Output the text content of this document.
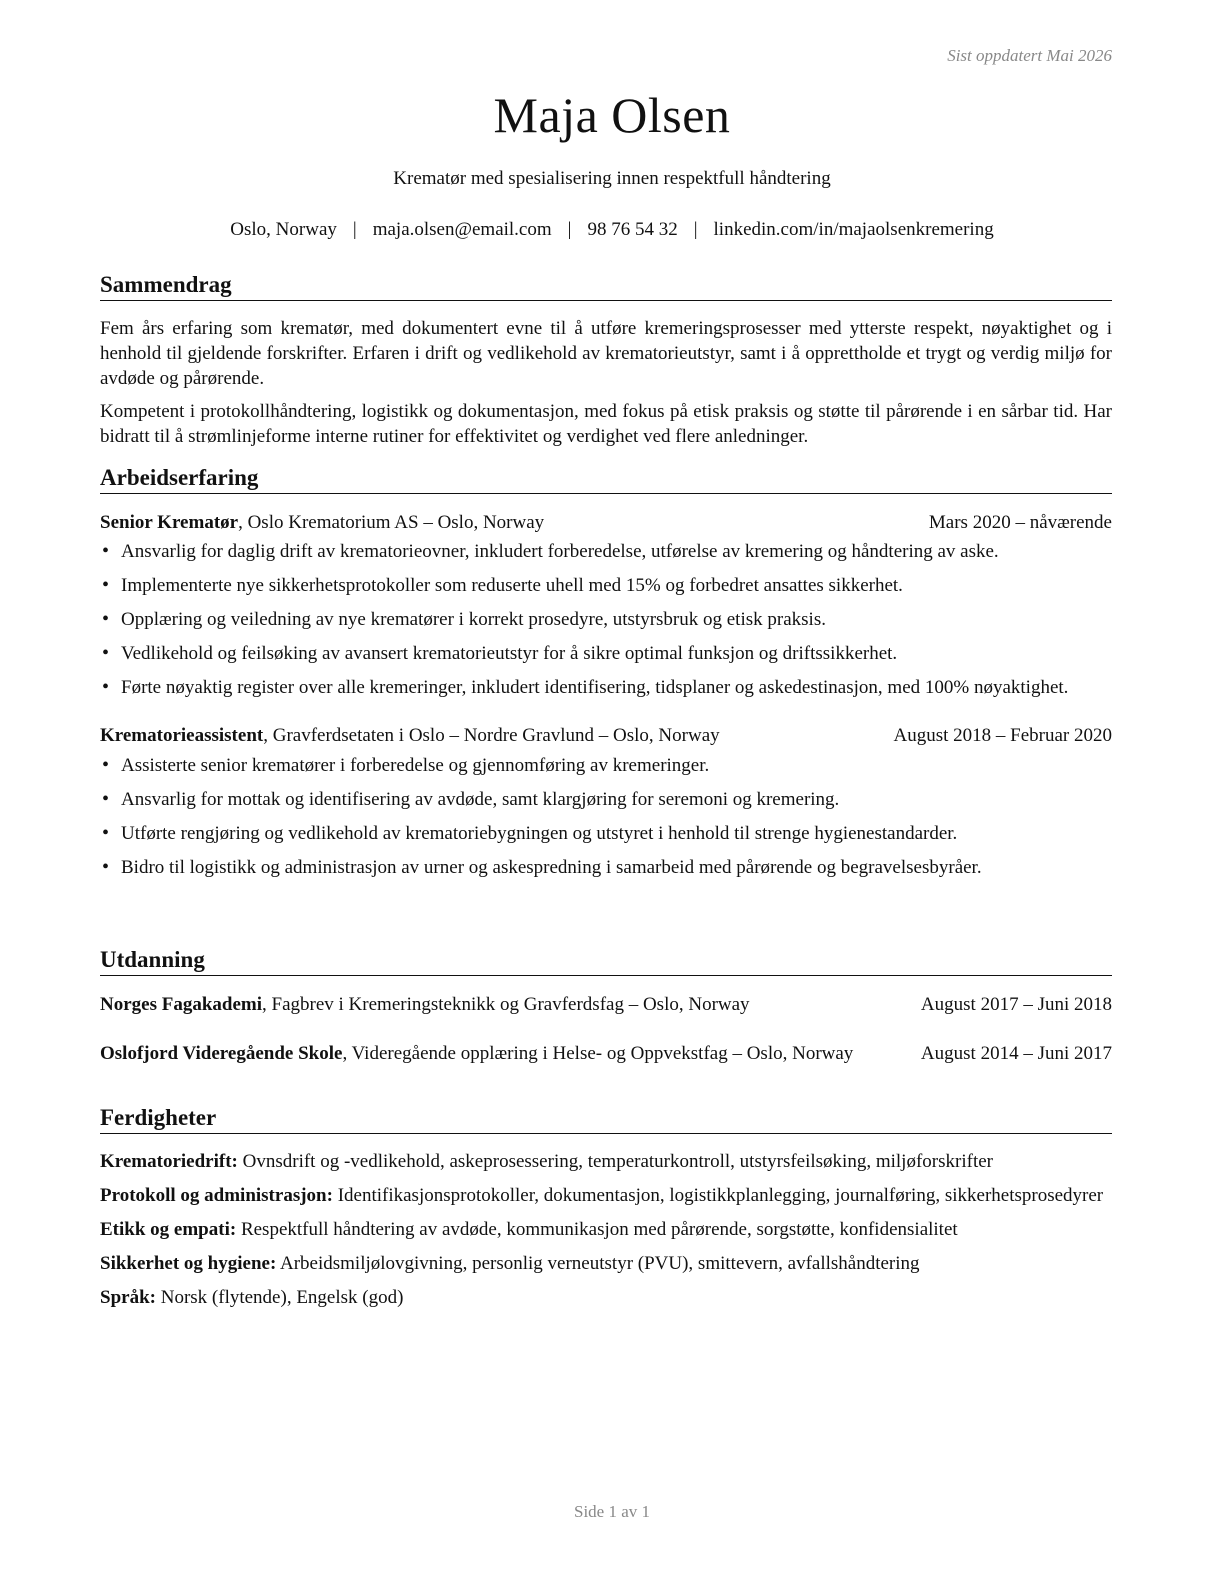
Sist oppdatert Mai 2026
Maja Olsen
Krematør med spesialisering innen respektfull håndtering
Oslo, Norway | maja.olsen@email.com | 98 76 54 32 | linkedin.com/in/majaolsenkremering
Sammendrag

Fem års erfaring som krematør, med dokumentert evne til å utføre kremeringsprosesser med ytterste respekt, nøyaktighet og i henhold til gjeldende forskrifter. Erfaren i drift og vedlikehold av krematorieutstyr, samt i å opprettholde et trygt og verdig miljø for avdøde og pårørende.

Kompetent i protokollhåndtering, logistikk og dokumentasjon, med fokus på etisk praksis og støtte til pårørende i en sårbar tid. Har bidratt til å strømlinjeforme interne rutiner for effektivitet og verdighet ved flere anledninger.

Arbeidserfaring
Senior Krematør, Oslo Krematorium AS – Oslo, Norway	Mars 2020 – nåværende
• Ansvarlig for daglig drift av krematorieovner, inkludert forberedelse, utførelse av kremering og håndtering av aske.
• Implementerte nye sikkerhetsprotokoller som reduserte uhell med 15% og forbedret ansattes sikkerhet.
• Opplæring og veiledning av nye krematører i korrekt prosedyre, utstyrsbruk og etisk praksis.
• Vedlikehold og feilsøking av avansert krematorieutstyr for å sikre optimal funksjon og driftssikkerhet.
• Førte nøyaktig register over alle kremeringer, inkludert identifisering, tidsplaner og askedestinasjon, med 100% nøyaktighet.
Krematorieassistent, Gravferdsetaten i Oslo – Nordre Gravlund – Oslo, Norway	August 2018 – Februar 2020
• Assisterte senior krematører i forberedelse og gjennomføring av kremeringer.
• Ansvarlig for mottak og identifisering av avdøde, samt klargjøring for seremoni og kremering.
• Utførte rengjøring og vedlikehold av krematoriebygningen og utstyret i henhold til strenge hygienestandarder.
• Bidro til logistikk og administrasjon av urner og askespredning i samarbeid med pårørende og begravelsesbyråer.
Utdanning
Norges Fagakademi, Fagbrev i Kremeringsteknikk og Gravferdsfag – Oslo, Norway	August 2017 – Juni 2018
Oslofjord Videregående Skole, Videregående opplæring i Helse- og Oppvekstfag – Oslo, Norway	August 2014 – Juni 2017
Ferdigheter
Krematoriedrift: Ovnsdrift og -vedlikehold, askeprosessering, temperaturkontroll, utstyrsfeilsøking, miljøforskrifter
Protokoll og administrasjon: Identifikasjonsprotokoller, dokumentasjon, logistikkplanlegging, journalføring, sikkerhetsprosedyrer
Etikk og empati: Respektfull håndtering av avdøde, kommunikasjon med pårørende, sorgstøtte, konfidensialitet
Sikkerhet og hygiene: Arbeidsmiljølovgivning, personlig verneutstyr (PVU), smittevern, avfallshåndtering
Språk: Norsk (flytende), Engelsk (god)
Side 1 av 1
